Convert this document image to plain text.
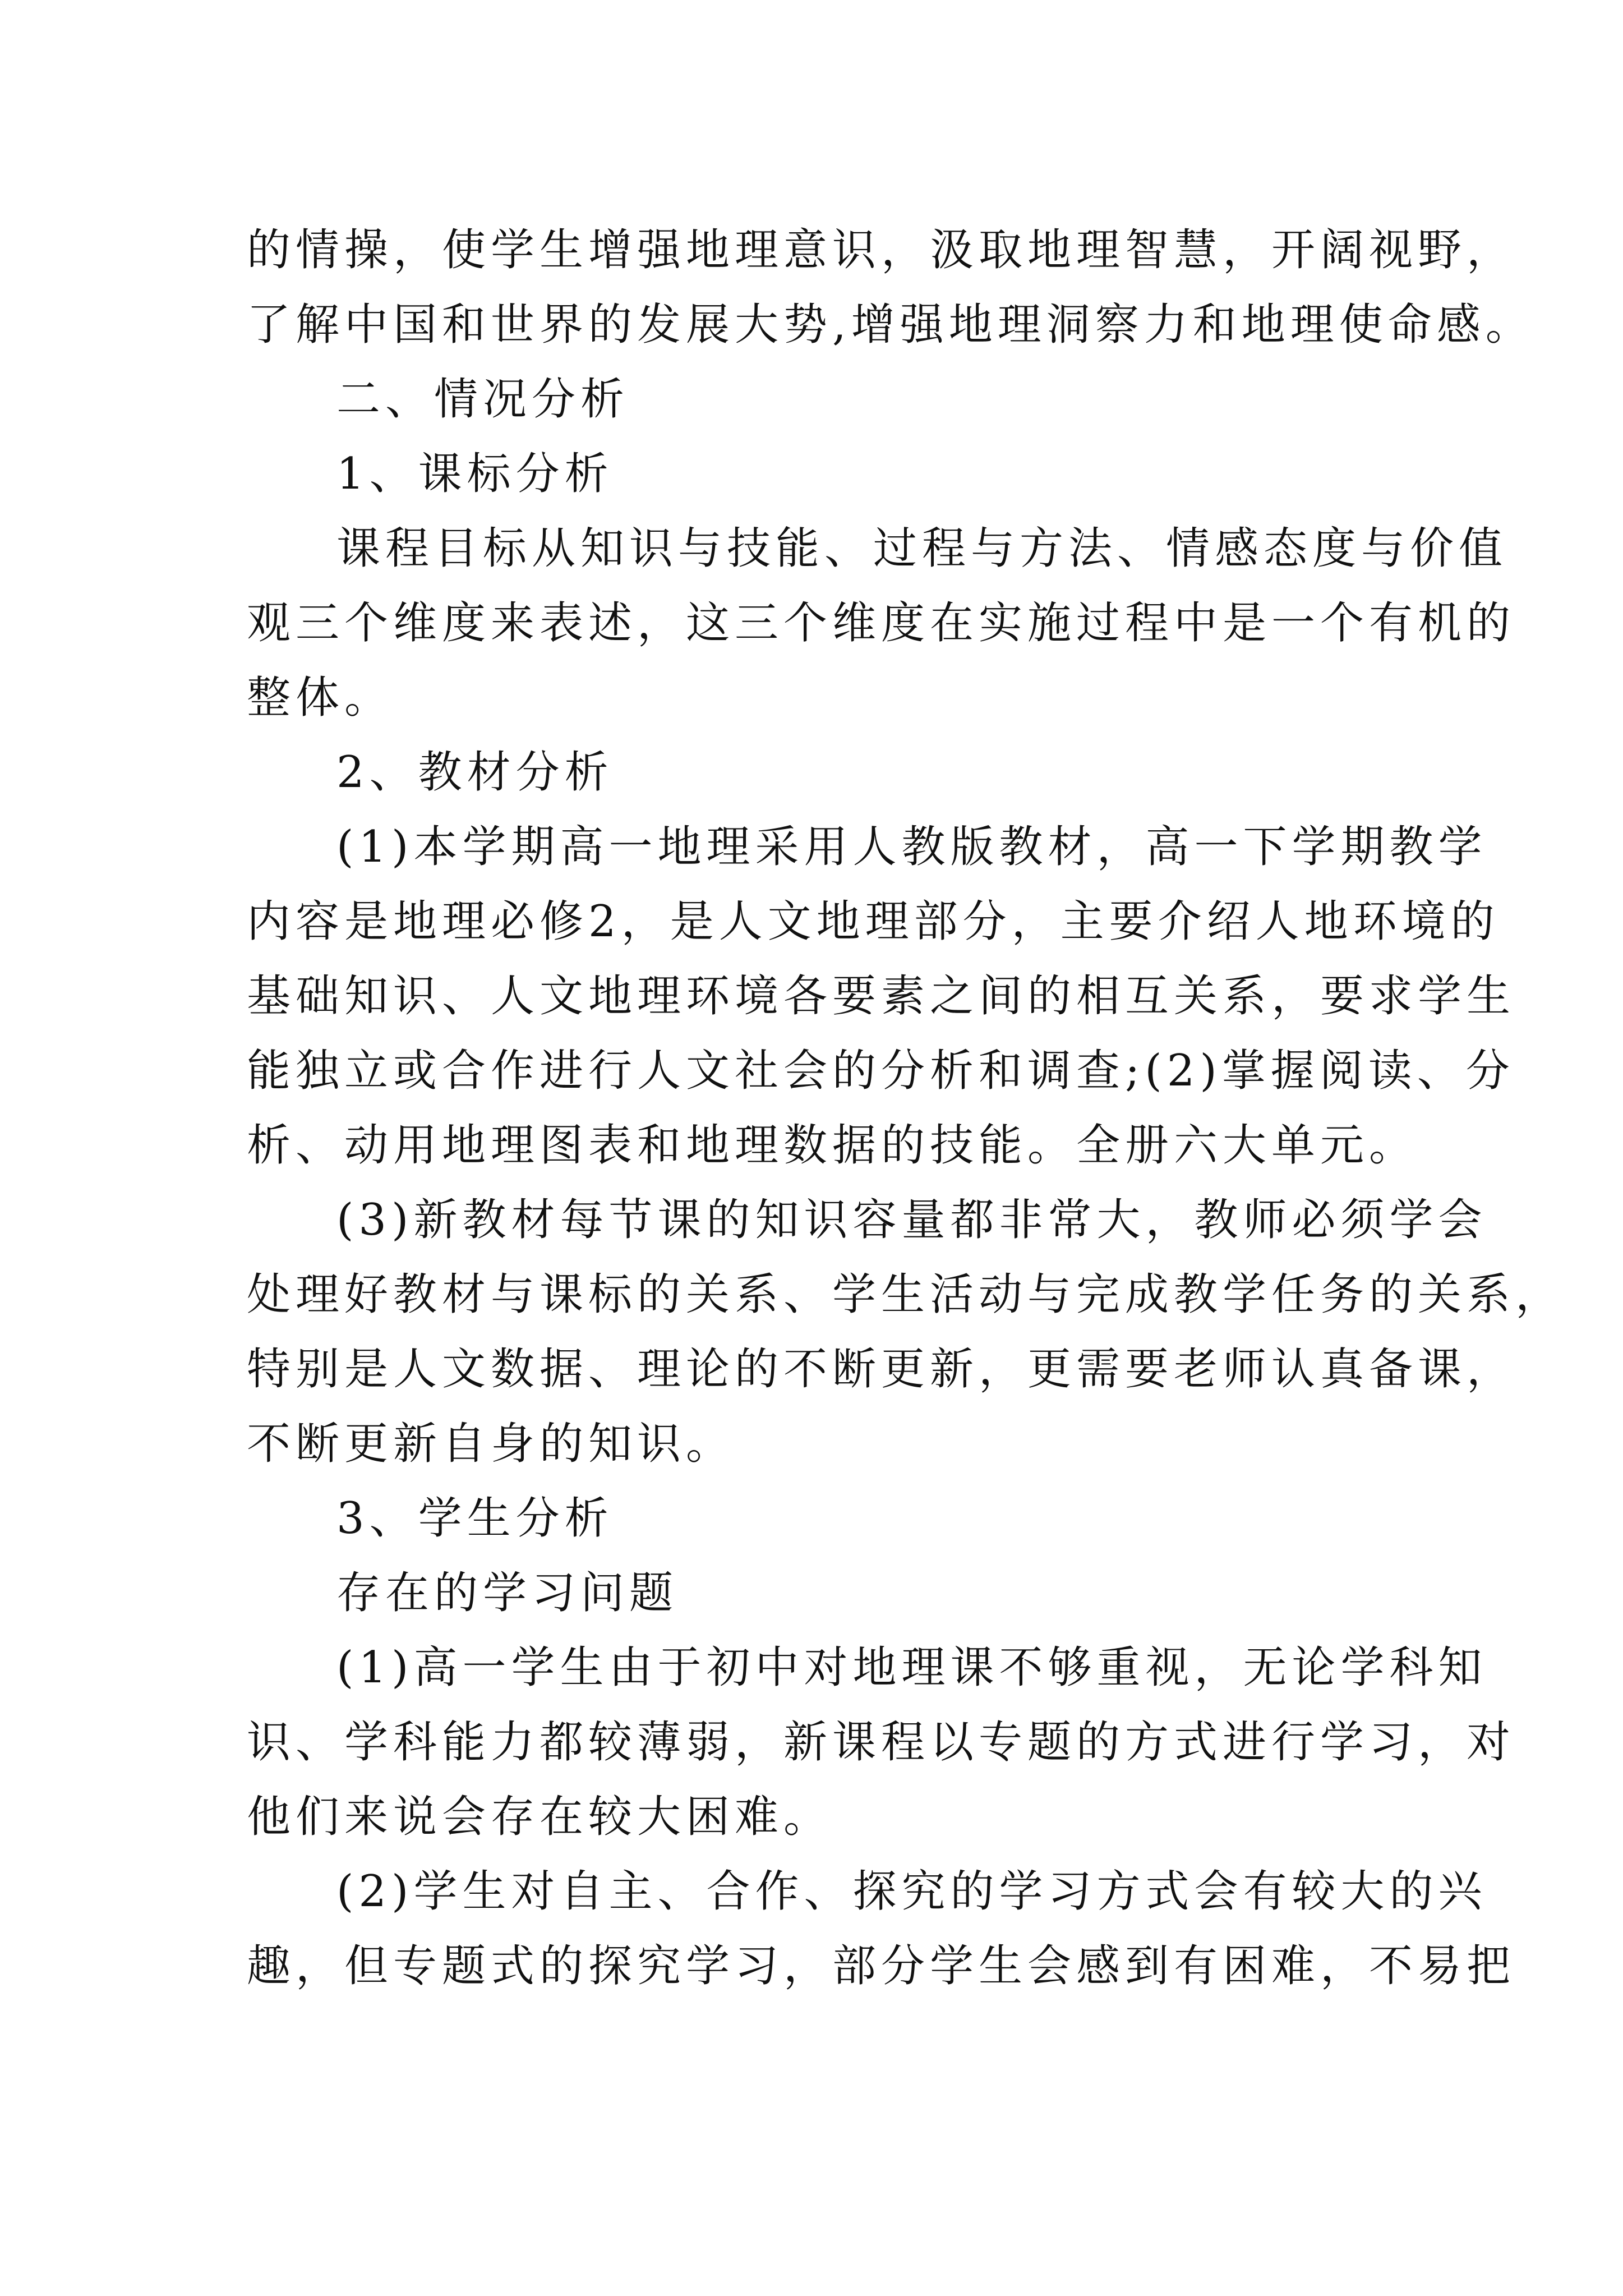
的情操，使学生增强地理意识，汲取地理智慧，开阔视野，

了解中国和世界的发展大势,增强地理洞察力和地理使命感。

二、情况分析

1、课标分析

课程目标从知识与技能、过程与方法、情感态度与价值

观三个维度来表述，这三个维度在实施过程中是一个有机的

整体。

2、教材分析

(1)本学期高一地理采用人教版教材，高一下学期教学

内容是地理必修2，是人文地理部分，主要介绍人地环境的

基础知识、人文地理环境各要素之间的相互关系，要求学生

能独立或合作进行人文社会的分析和调查;(2)掌握阅读、分

析、动用地理图表和地理数据的技能。全册六大单元。

(3)新教材每节课的知识容量都非常大，教师必须学会

处理好教材与课标的关系、学生活动与完成教学任务的关系，

特别是人文数据、理论的不断更新，更需要老师认真备课，

不断更新自身的知识。

3、学生分析

存在的学习问题

(1)高一学生由于初中对地理课不够重视，无论学科知

识、学科能力都较薄弱，新课程以专题的方式进行学习，对

他们来说会存在较大困难。

(2)学生对自主、合作、探究的学习方式会有较大的兴

趣，但专题式的探究学习，部分学生会感到有困难，不易把
